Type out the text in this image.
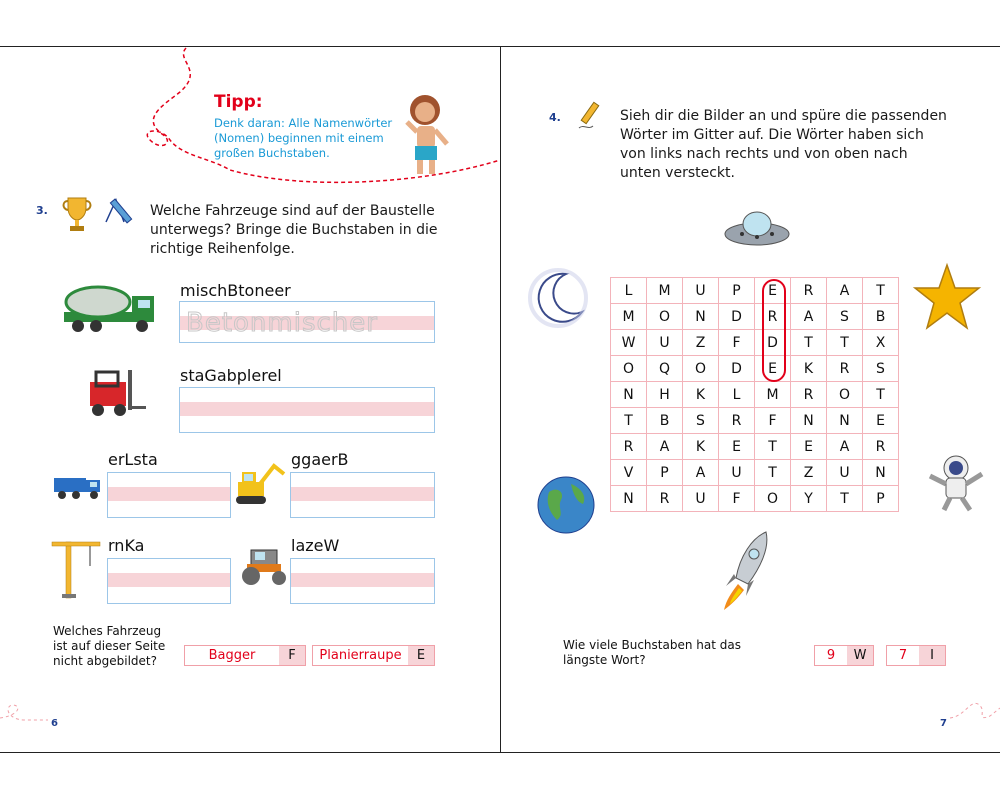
Tipp:
Denk daran: Alle Namenwörter (Nomen) beginnen mit einem großen Buchstaben.
3.	Welche Fahrzeuge sind auf der Baustelle unterwegs? Bringe die Buchstaben in die richtige Reihenfolge.
mischBtoneer
Betonmischer
staGabplerel
erLsta	ggaerB
rnKa	lazeW
Welches Fahrzeug ist auf dieser Seite nicht abgebildet?	Bagger	F	Planierraupe	E
6
4.	Sieh dir die Bilder an und spüre die passenden Wörter im Gitter auf. Die Wörter haben sich von links nach rechts und von oben nach unten versteckt.
L	M	U	P	E	R	A	T
M	O	N	D	R	A	S	B
W	U	Z	F	D	T	T	X
O	Q	O	D	E	K	R	S
N	H	K	L	M	R	O	T
T	B	S	R	F	N	N	E
R	A	K	E	T	E	A	R
V	P	A	U	T	Z	U	N
N	R	U	F	O	Y	T	P
Wie viele Buchstaben hat das längste Wort?	9	W	7	I
7
